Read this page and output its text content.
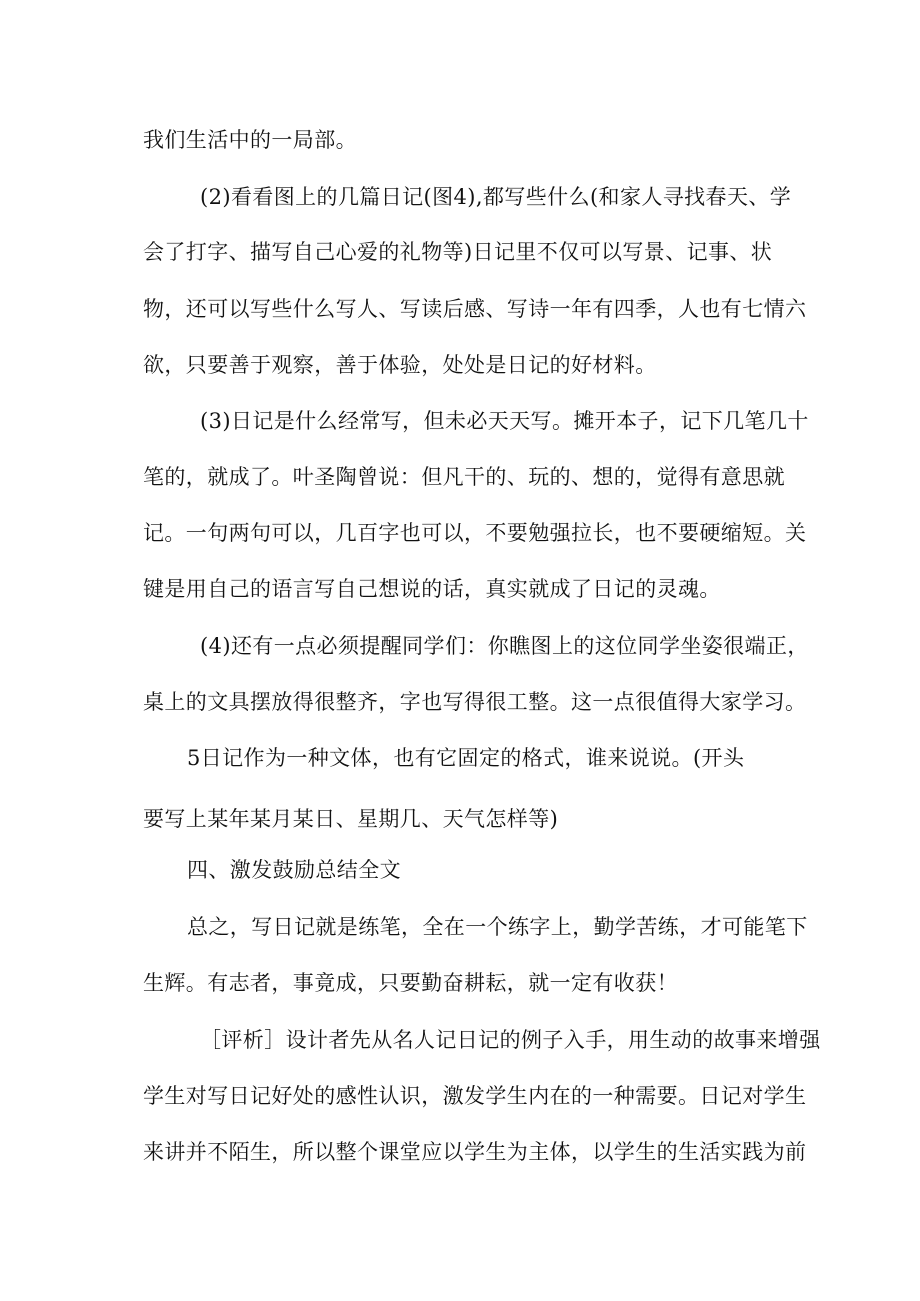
我们生活中的一局部。
(2)看看图上的几篇日记(图4),都写些什么(和家人寻找春天、学
会了打字、描写自己心爱的礼物等)日记里不仅可以写景、记事、状
物，还可以写些什么写人、写读后感、写诗一年有四季，人也有七情六
欲，只要善于观察，善于体验，处处是日记的好材料。
(3)日记是什么经常写，但未必天天写。摊开本子，记下几笔几十
笔的，就成了。叶圣陶曾说：但凡干的、玩的、想的，觉得有意思就
记。一句两句可以，几百字也可以，不要勉强拉长，也不要硬缩短。关
键是用自己的语言写自己想说的话，真实就成了日记的灵魂。
(4)还有一点必须提醒同学们：你瞧图上的这位同学坐姿很端正，
桌上的文具摆放得很整齐，字也写得很工整。这一点很值得大家学习。
5日记作为一种文体，也有它固定的格式，谁来说说。(开头
要写上某年某月某日、星期几、天气怎样等)
四、激发鼓励总结全文
总之，写日记就是练笔，全在一个练字上，勤学苦练，才可能笔下
生辉。有志者，事竟成，只要勤奋耕耘，就一定有收获！
［评析］设计者先从名人记日记的例子入手，用生动的故事来增强
学生对写日记好处的感性认识，激发学生内在的一种需要。日记对学生
来讲并不陌生，所以整个课堂应以学生为主体，以学生的生活实践为前
